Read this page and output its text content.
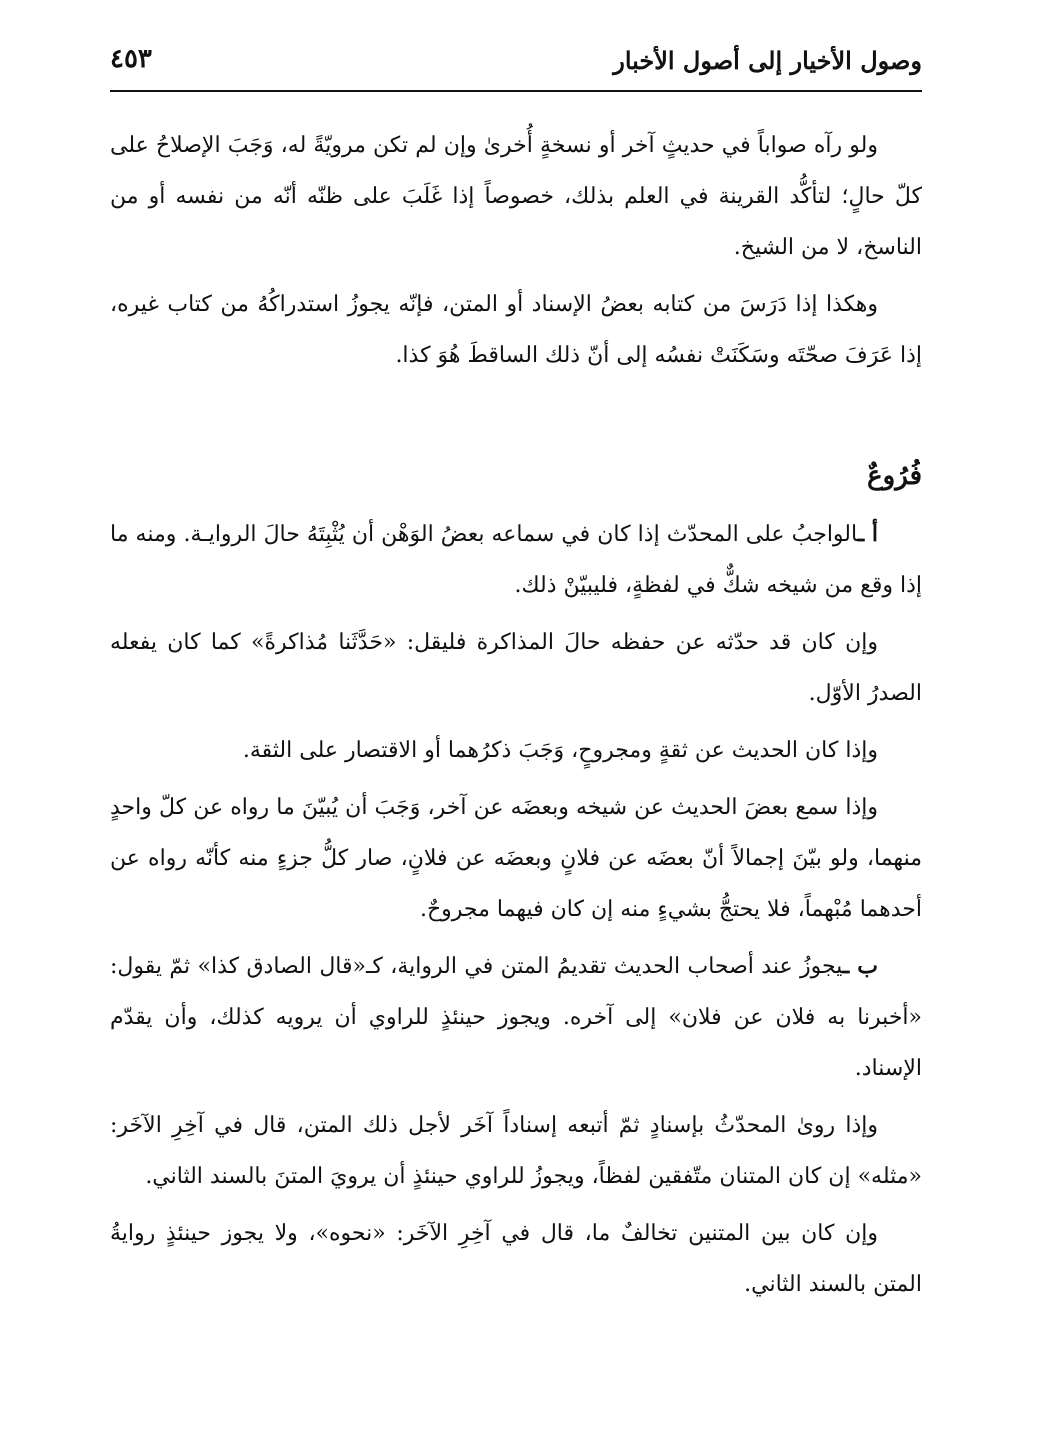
وصول الأخيار إلى أصول الأخبار
٤٥٣

ولو رآه صواباً في حديثٍ آخر أو نسخةٍ أُخرىٰ وإن لم تكن مرويّةً له، وَجَبَ الإصلاحُ على كلّ حالٍ؛ لتأكُّد القرينة في العلم بذلك، خصوصاً إذا غَلَبَ على ظنّه أنّه من نفسه أو من الناسخ، لا من الشيخ.

وهكذا إذا دَرَسَ من كتابه بعضُ الإسناد أو المتن، فإنّه يجوزُ استدراكُهُ من كتاب غيره، إذا عَرَفَ صحّتَه وسَكَنَتْ نفسُه إلى أنّ ذلك الساقطَ هُوَ كذا.

فُرُوعٌ

أ ـالواجبُ على المحدّث إذا كان في سماعه بعضُ الوَهْن أن يُثْبِتَهُ حالَ الروايـة. ومنه ما إذا وقع من شيخه شكٌّ في لفظةٍ، فليبيّنْ ذلك.

وإن كان قد حدّثه عن حفظه حالَ المذاكرة فليقل: «حَدَّثَنا مُذاكرةً» كما كان يفعله الصدرُ الأوّل.

وإذا كان الحديث عن ثقةٍ ومجروحٍ، وَجَبَ ذكرُهما أو الاقتصار على الثقة.

وإذا سمع بعضَ الحديث عن شيخه وبعضَه عن آخر، وَجَبَ أن يُبيّنَ ما رواه عن كلّ واحدٍ منهما، ولو بيّنَ إجمالاً أنّ بعضَه عن فلانٍ وبعضَه عن فلانٍ، صار كلُّ جزءٍ منه كأنّه رواه عن أحدهما مُبْهماً، فلا يحتجُّ بشيءٍ منه إن كان فيهما مجروحٌ.

ب ـيجوزُ عند أصحاب الحديث تقديمُ المتن في الرواية، كـ«قال الصادق كذا» ثمّ يقول: «أخبرنا به فلان عن فلان» إلى آخره. ويجوز حينئذٍ للراوي أن يرويه كذلك، وأن يقدّم الإسناد.

وإذا روىٰ المحدّثُ بإسنادٍ ثمّ أتبعه إسناداً آخَر لأجل ذلك المتن، قال في آخِرِ الآخَر: «مثله» إن كان المتنان متّفقين لفظاً، ويجوزُ للراوي حينئذٍ أن يرويَ المتنَ بالسند الثاني.

وإن كان بين المتنين تخالفٌ ما، قال في آخِرِ الآخَر: «نحوه»، ولا يجوز حينئذٍ روايةُ المتن بالسند الثاني.
